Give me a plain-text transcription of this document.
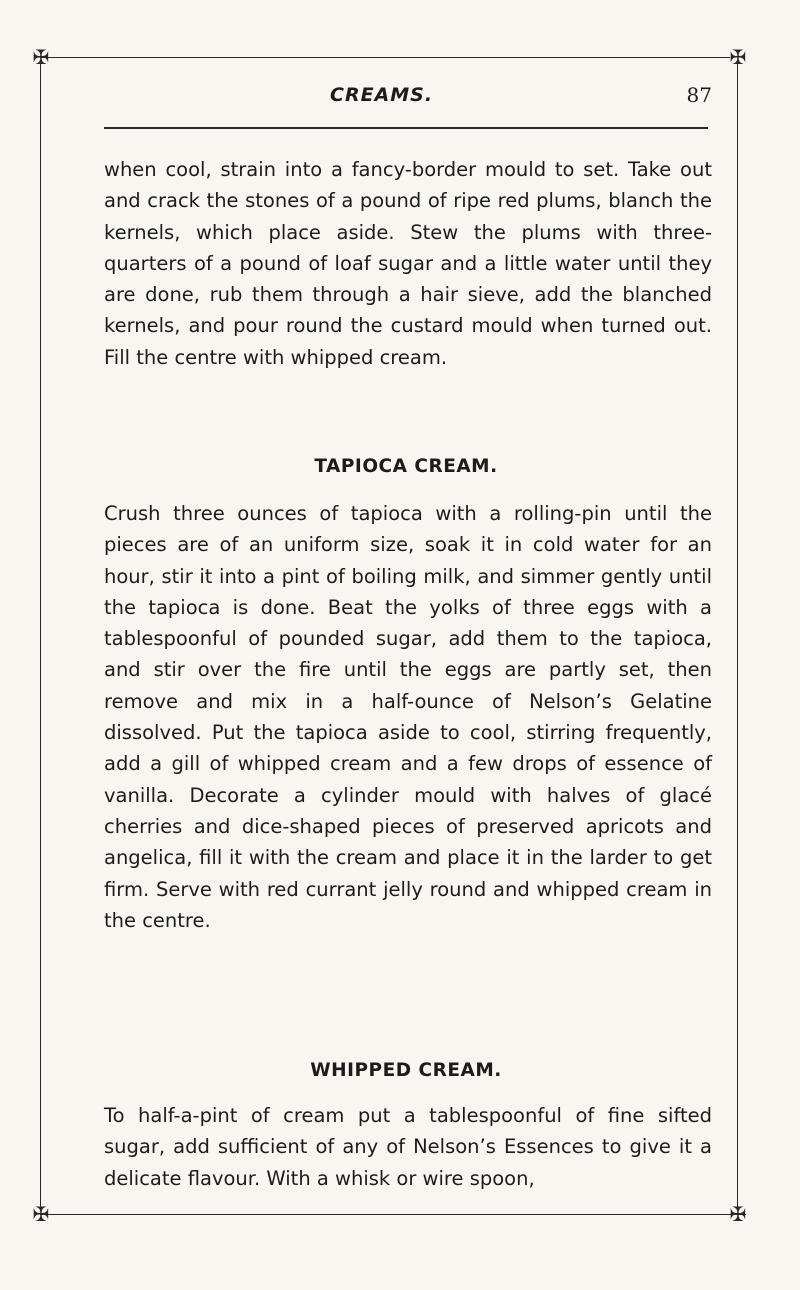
✠	✠
✠	✠
CREAMS.	87

when cool, strain into a fancy-border mould to set. Take out and crack the stones of a pound of ripe red plums, blanch the kernels, which place aside. Stew the plums with three-quarters of a pound of loaf sugar and a little water until they are done, rub them through a hair sieve, add the blanched kernels, and pour round the custard mould when turned out. Fill the centre with whipped cream.

TAPIOCA CREAM.

Crush three ounces of tapioca with a rolling-pin until the pieces are of an uniform size, soak it in cold water for an hour, stir it into a pint of boiling milk, and simmer gently until the tapioca is done. Beat the yolks of three eggs with a tablespoonful of pounded sugar, add them to the tapioca, and stir over the fire until the eggs are partly set, then remove and mix in a half-ounce of Nelson’s Gelatine dissolved. Put the tapioca aside to cool, stirring frequently, add a gill of whipped cream and a few drops of essence of vanilla. Decorate a cylinder mould with halves of glacé cherries and dice-shaped pieces of preserved apricots and angelica, fill it with the cream and place it in the larder to get firm. Serve with red currant jelly round and whipped cream in the centre.

WHIPPED CREAM.

To half-a-pint of cream put a tablespoonful of fine sifted sugar, add sufficient of any of Nelson’s Essences to give it a delicate flavour. With a whisk or wire spoon,
